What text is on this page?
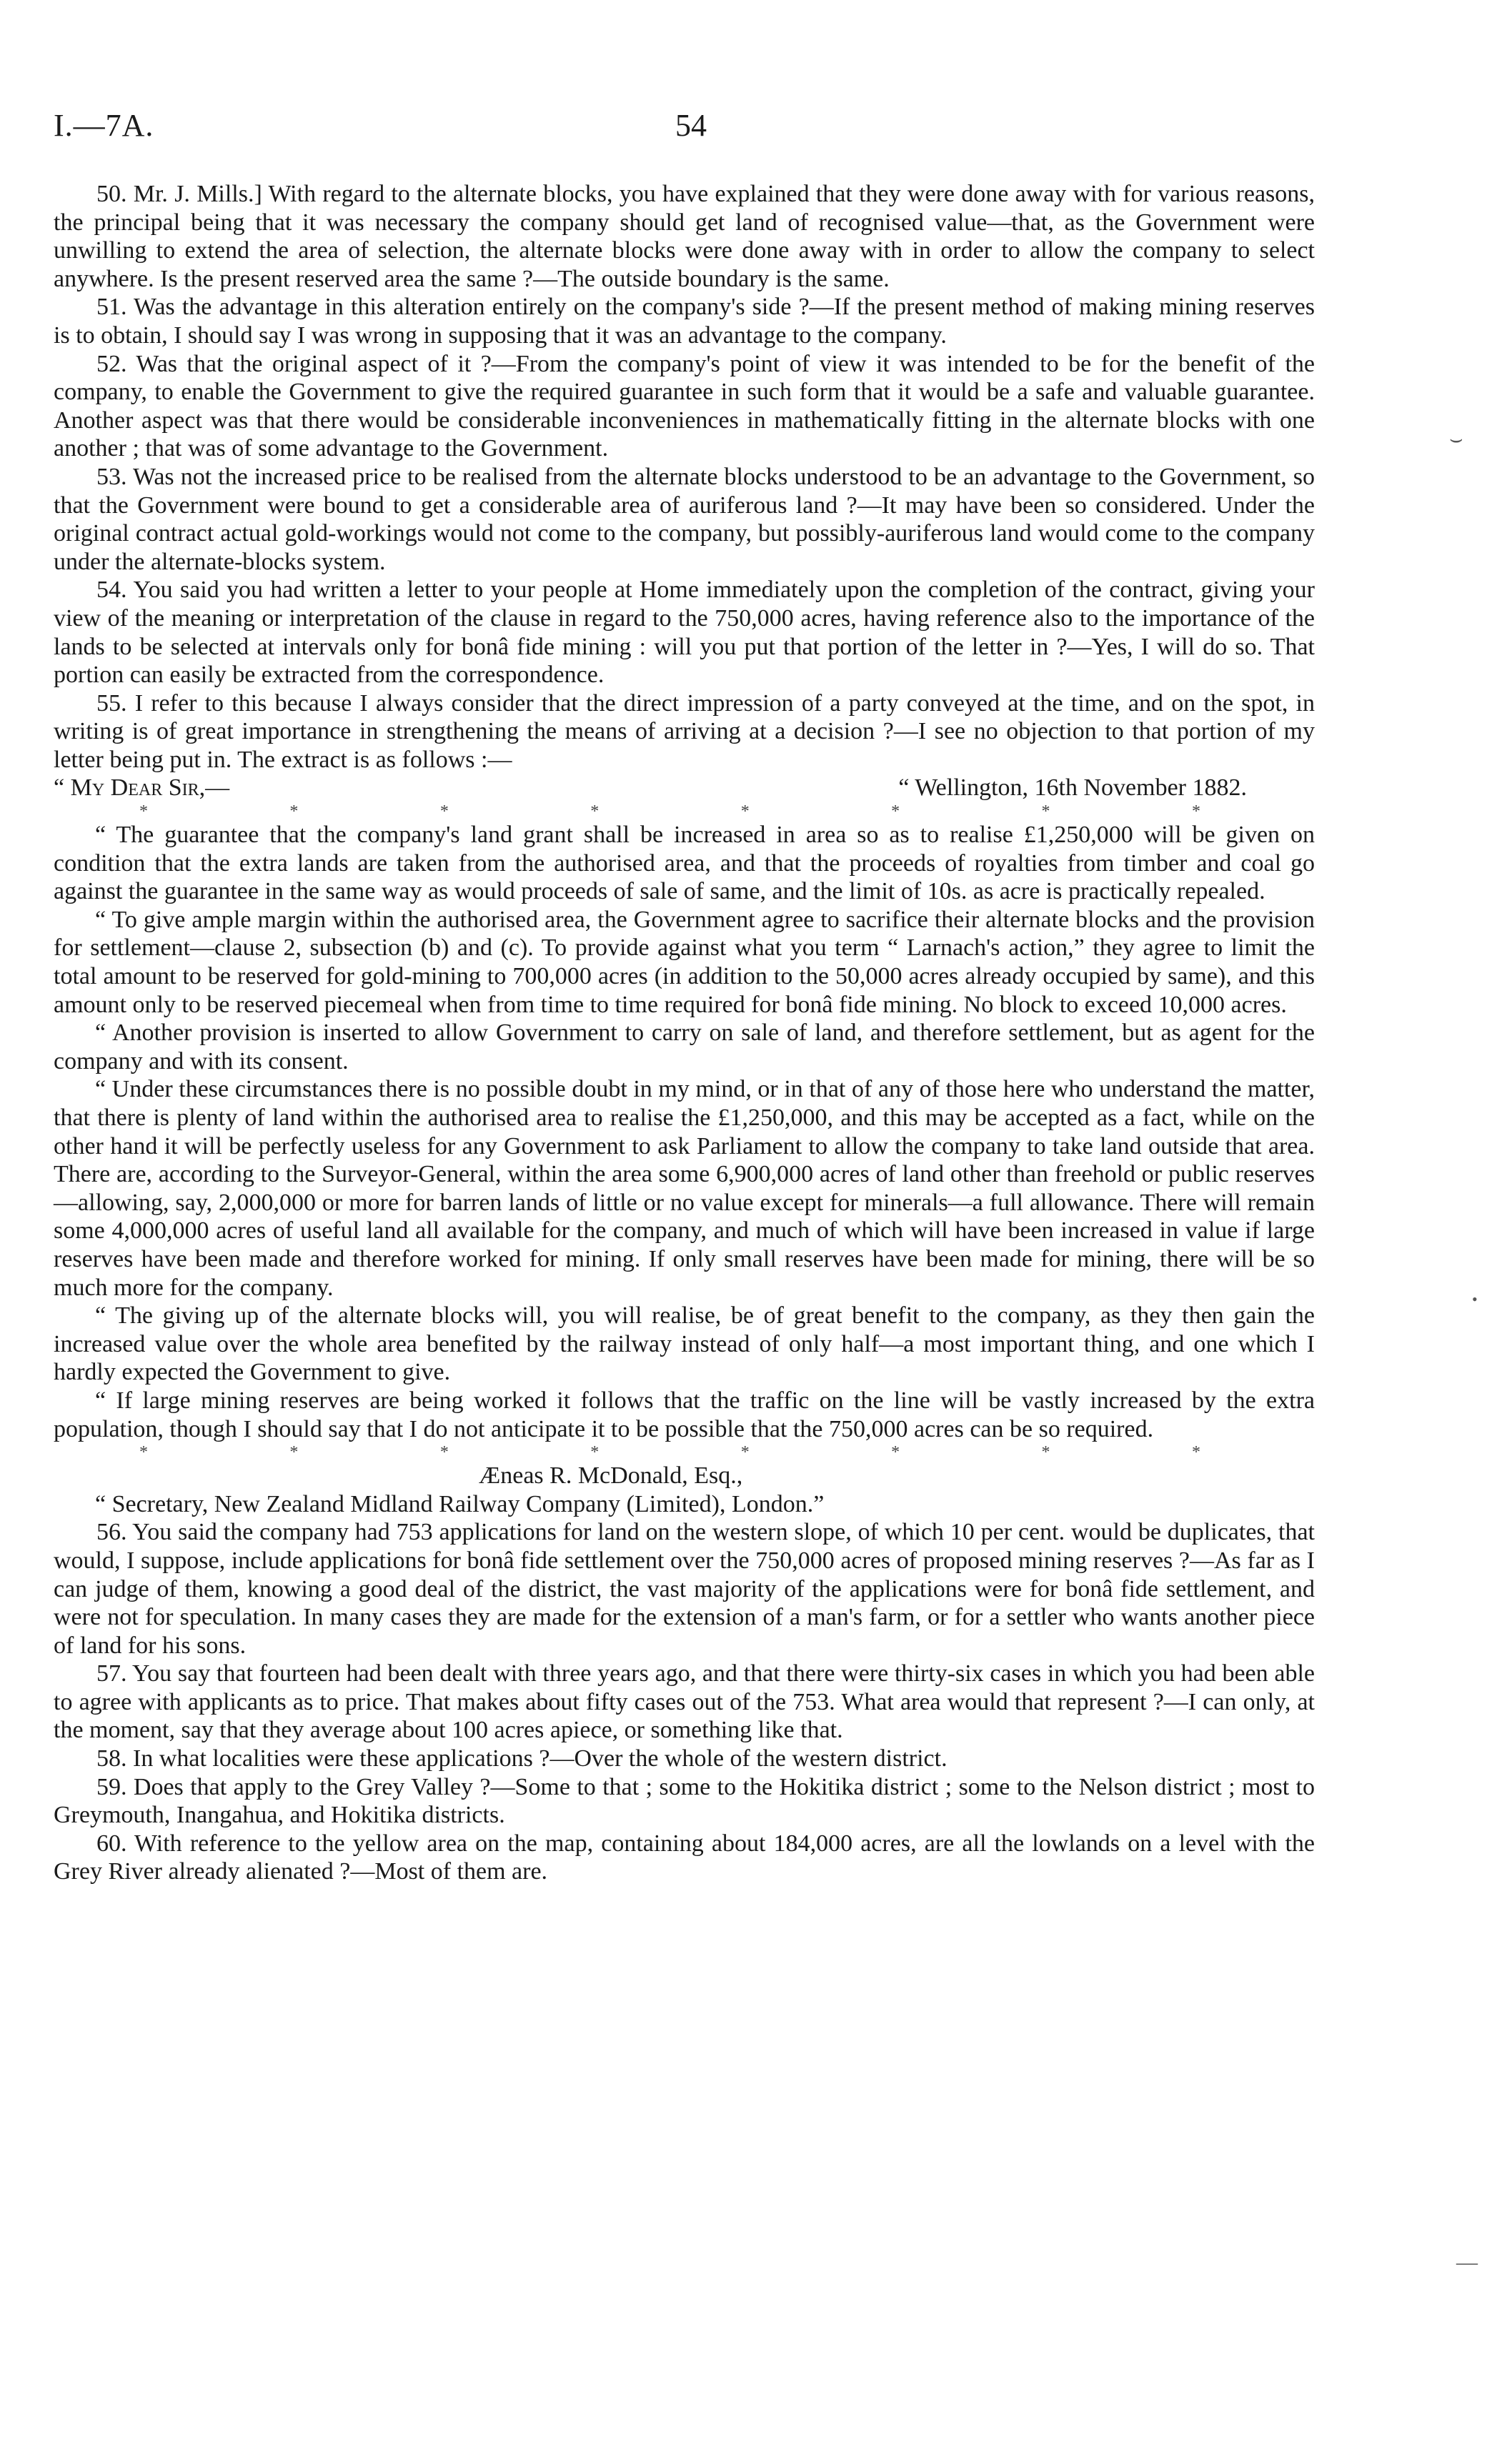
I.—7A.	54

50. Mr. J. Mills.] With regard to the alternate blocks, you have explained that they were done away with for various reasons, the principal being that it was necessary the company should get land of recognised value—that, as the Government were unwilling to extend the area of selection, the alternate blocks were done away with in order to allow the company to select anywhere. Is the present reserved area the same ?—The outside boundary is the same.

51. Was the advantage in this alteration entirely on the company's side ?—If the present method of making mining reserves is to obtain, I should say I was wrong in supposing that it was an advantage to the company.

52. Was that the original aspect of it ?—From the company's point of view it was intended to be for the benefit of the company, to enable the Government to give the required guarantee in such form that it would be a safe and valuable guarantee. Another aspect was that there would be considerable inconveniences in mathematically fitting in the alternate blocks with one another ; that was of some advantage to the Government.

53. Was not the increased price to be realised from the alternate blocks understood to be an advantage to the Government, so that the Government were bound to get a considerable area of auriferous land ?—It may have been so considered. Under the original contract actual gold-workings would not come to the company, but possibly-auriferous land would come to the company under the alternate-blocks system.

54. You said you had written a letter to your people at Home immediately upon the completion of the contract, giving your view of the meaning or interpretation of the clause in regard to the 750,000 acres, having reference also to the importance of the lands to be selected at intervals only for bonâ fide mining : will you put that portion of the letter in ?—Yes, I will do so. That portion can easily be extracted from the correspondence.

55. I refer to this because I always consider that the direct impression of a party conveyed at the time, and on the spot, in writing is of great importance in strengthening the means of arriving at a decision ?—I see no objection to that portion of my letter being put in. The extract is as follows :—

“ My Dear Sir,—	“ Wellington, 16th November 1882.
*	*	*	*	*	*	*	*

“ The guarantee that the company's land grant shall be increased in area so as to realise £1,250,000 will be given on condition that the extra lands are taken from the authorised area, and that the proceeds of royalties from timber and coal go against the guarantee in the same way as would proceeds of sale of same, and the limit of 10s. as acre is practically repealed.

“ To give ample margin within the authorised area, the Government agree to sacrifice their alternate blocks and the provision for settlement—clause 2, subsection (b) and (c). To provide against what you term “ Larnach's action,” they agree to limit the total amount to be reserved for gold-mining to 700,000 acres (in addition to the 50,000 acres already occupied by same), and this amount only to be reserved piecemeal when from time to time required for bonâ fide mining. No block to exceed 10,000 acres.

“ Another provision is inserted to allow Government to carry on sale of land, and therefore settlement, but as agent for the company and with its consent.

“ Under these circumstances there is no possible doubt in my mind, or in that of any of those here who understand the matter, that there is plenty of land within the authorised area to realise the £1,250,000, and this may be accepted as a fact, while on the other hand it will be perfectly useless for any Government to ask Parliament to allow the company to take land outside that area. There are, according to the Surveyor-General, within the area some 6,900,000 acres of land other than freehold or public reserves—allowing, say, 2,000,000 or more for barren lands of little or no value except for minerals—a full allowance. There will remain some 4,000,000 acres of useful land all available for the company, and much of which will have been increased in value if large reserves have been made and therefore worked for mining. If only small reserves have been made for mining, there will be so much more for the company.

“ The giving up of the alternate blocks will, you will realise, be of great benefit to the company, as they then gain the increased value over the whole area benefited by the railway instead of only half—a most important thing, and one which I hardly expected the Government to give.

“ If large mining reserves are being worked it follows that the traffic on the line will be vastly increased by the extra population, though I should say that I do not anticipate it to be possible that the 750,000 acres can be so required.

*	*	*	*	*	*	*	*

Æneas R. McDonald, Esq.,

“ Secretary, New Zealand Midland Railway Company (Limited), London.”

56. You said the company had 753 applications for land on the western slope, of which 10 per cent. would be duplicates, that would, I suppose, include applications for bonâ fide settlement over the 750,000 acres of proposed mining reserves ?—As far as I can judge of them, knowing a good deal of the district, the vast majority of the applications were for bonâ fide settlement, and were not for speculation. In many cases they are made for the extension of a man's farm, or for a settler who wants another piece of land for his sons.

57. You say that fourteen had been dealt with three years ago, and that there were thirty-six cases in which you had been able to agree with applicants as to price. That makes about fifty cases out of the 753. What area would that represent ?—I can only, at the moment, say that they average about 100 acres apiece, or something like that.

58. In what localities were these applications ?—Over the whole of the western district.

59. Does that apply to the Grey Valley ?—Some to that ; some to the Hokitika district ; some to the Nelson district ; most to Greymouth, Inangahua, and Hokitika districts.

60. With reference to the yellow area on the map, containing about 184,000 acres, are all the lowlands on a level with the Grey River already alienated ?—Most of them are.

⌣
•
—
